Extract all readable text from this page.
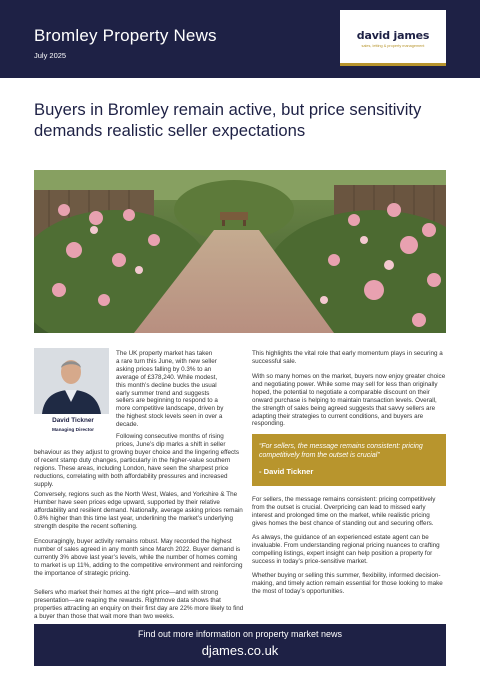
Bromley Property News
July 2025
david james
sales, letting & property management
Buyers in Bromley remain active, but price sensitivity demands realistic seller expectations
David Tickner
Managing Director
The UK property market has taken
a rare turn this June, with new seller
asking prices falling by 0.3% to an
average of £378,240. While modest,
this month’s decline bucks the usual
early summer trend and suggests
sellers are beginning to respond to a
more competitive landscape, driven by
the highest stock levels seen in over a
decade.
Following consecutive months of rising
prices, June’s dip marks a shift in seller
behaviour as they adjust to growing buyer choice and the lingering effects of recent stamp duty changes, particularly in the higher-value southern regions. These areas, including London, have seen the sharpest price reductions, correlating with both affordability pressures and increased supply.
Conversely, regions such as the North West, Wales, and Yorkshire & The Humber have seen prices edge upward, supported by their relative affordability and resilient demand. Nationally, average asking prices remain 0.8% higher than this time last year, underlining the market’s underlying strength despite the recent softening.
Encouragingly, buyer activity remains robust. May recorded the highest number of sales agreed in any month since March 2022. Buyer demand is currently 3% above last year’s levels, while the number of homes coming to market is up 11%, adding to the competitive environment and reinforcing the importance of strategic pricing.
Sellers who market their homes at the right price—and with strong presentation—are reaping the rewards. Rightmove data shows that properties attracting an enquiry on their first day are 22% more likely to find a buyer than those that wait more than two weeks.
This highlights the vital role that early momentum plays in securing a successful sale.
With so many homes on the market, buyers now enjoy greater choice and negotiating power. While some may sell for less than originally hoped, the potential to negotiate a comparable discount on their onward purchase is helping to maintain transaction levels. Overall, the strength of sales being agreed suggests that savvy sellers are adapting their strategies to current conditions, and buyers are responding.
“For sellers, the message remains consistent: pricing competitively from the outset is crucial”
- David Tickner
For sellers, the message remains consistent: pricing competitively from the outset is crucial. Overpricing can lead to missed early interest and prolonged time on the market, while realistic pricing gives homes the best chance of standing out and securing offers.
As always, the guidance of an experienced estate agent can be invaluable. From understanding regional pricing nuances to crafting compelling listings, expert insight can help position a property for success in today’s price-sensitive market.
Whether buying or selling this summer, flexibility, informed decision-making, and timely action remain essential for those looking to make the most of today’s opportunities.
Find out more information on property market news
djames.co.uk
